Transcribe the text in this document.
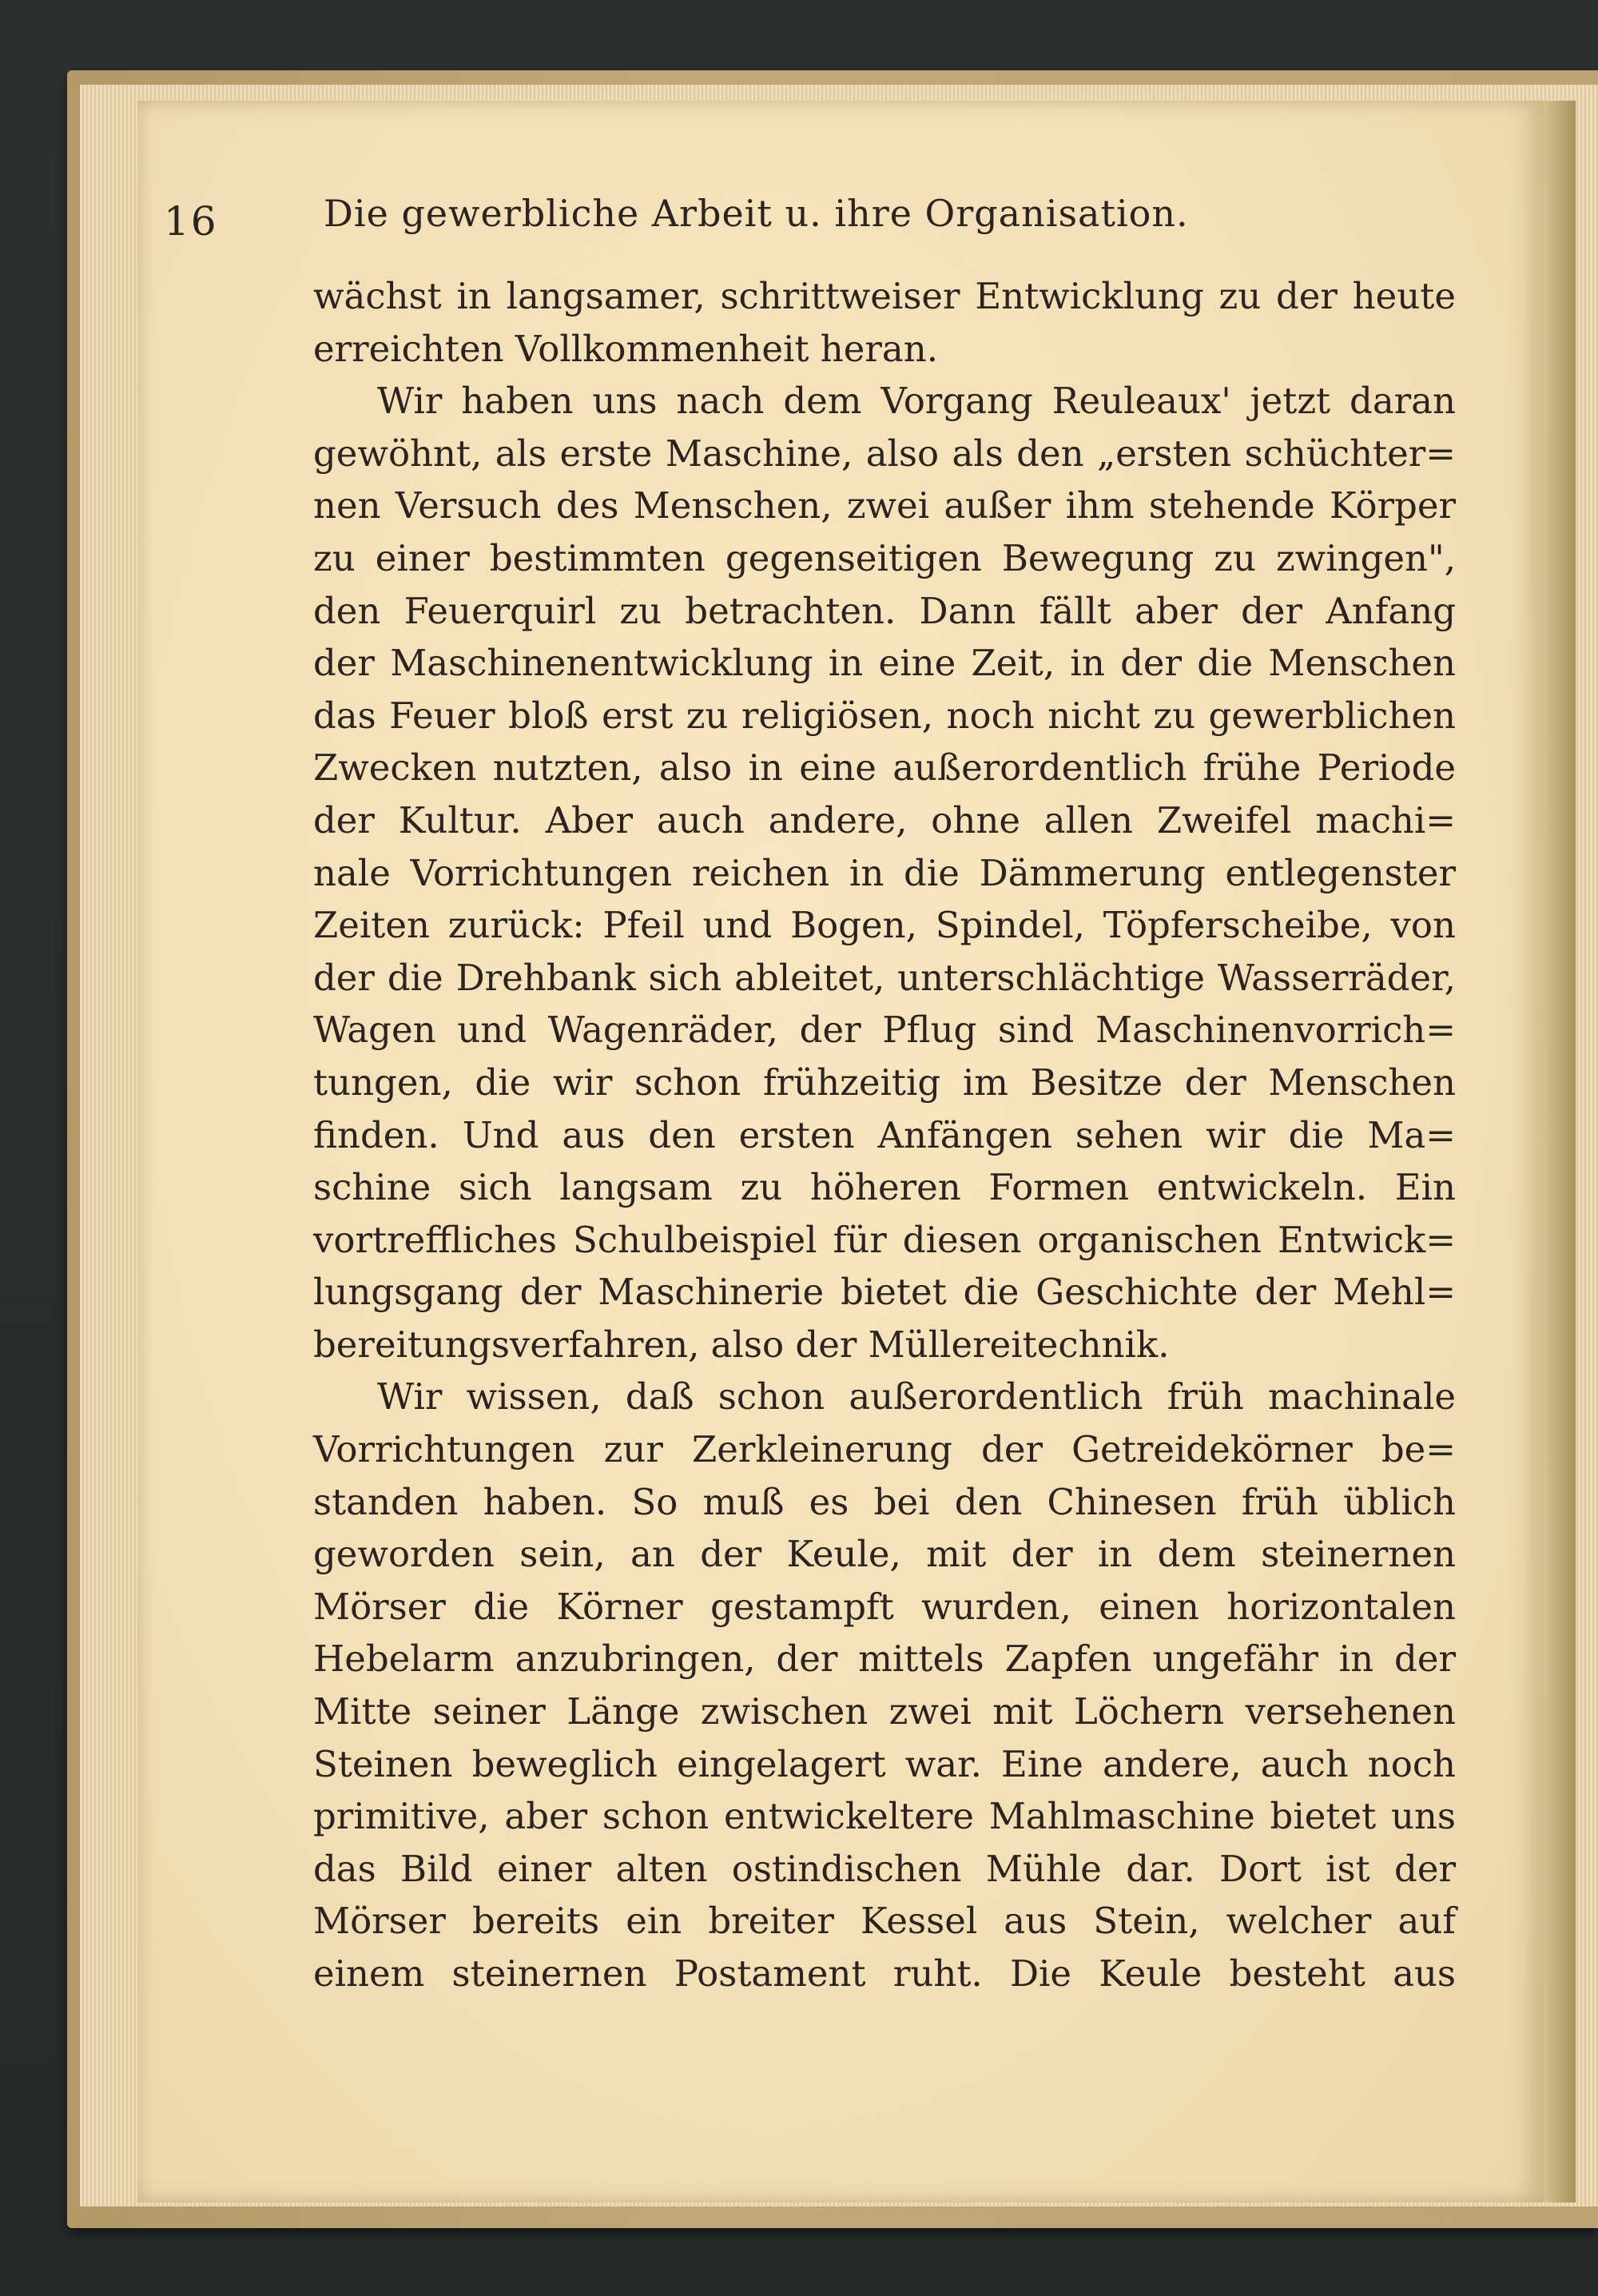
16	Die gewerbliche Arbeit u. ihre Organisation.
wächst in langsamer, schrittweiser Entwicklung zu der heute
erreichten Vollkommenheit heran.
Wir haben uns nach dem Vorgang Reuleaux' jetzt daran
gewöhnt, als erste Maschine, also als den „ersten schüchter=
nen Versuch des Menschen, zwei außer ihm stehende Körper
zu einer bestimmten gegenseitigen Bewegung zu zwingen",
den Feuerquirl zu betrachten. Dann fällt aber der Anfang
der Maschinenentwicklung in eine Zeit, in der die Menschen
das Feuer bloß erst zu religiösen, noch nicht zu gewerblichen
Zwecken nutzten, also in eine außerordentlich frühe Periode
der Kultur. Aber auch andere, ohne allen Zweifel machi=
nale Vorrichtungen reichen in die Dämmerung entlegenster
Zeiten zurück: Pfeil und Bogen, Spindel, Töpferscheibe, von
der die Drehbank sich ableitet, unterschlächtige Wasserräder,
Wagen und Wagenräder, der Pflug sind Maschinenvorrich=
tungen, die wir schon frühzeitig im Besitze der Menschen
finden. Und aus den ersten Anfängen sehen wir die Ma=
schine sich langsam zu höheren Formen entwickeln. Ein
vortreffliches Schulbeispiel für diesen organischen Entwick=
lungsgang der Maschinerie bietet die Geschichte der Mehl=
bereitungsverfahren, also der Müllereitechnik.
Wir wissen, daß schon außerordentlich früh machinale
Vorrichtungen zur Zerkleinerung der Getreidekörner be=
standen haben. So muß es bei den Chinesen früh üblich
geworden sein, an der Keule, mit der in dem steinernen
Mörser die Körner gestampft wurden, einen horizontalen
Hebelarm anzubringen, der mittels Zapfen ungefähr in der
Mitte seiner Länge zwischen zwei mit Löchern versehenen
Steinen beweglich eingelagert war. Eine andere, auch noch
primitive, aber schon entwickeltere Mahlmaschine bietet uns
das Bild einer alten ostindischen Mühle dar. Dort ist der
Mörser bereits ein breiter Kessel aus Stein, welcher auf
einem steinernen Postament ruht. Die Keule besteht aus
